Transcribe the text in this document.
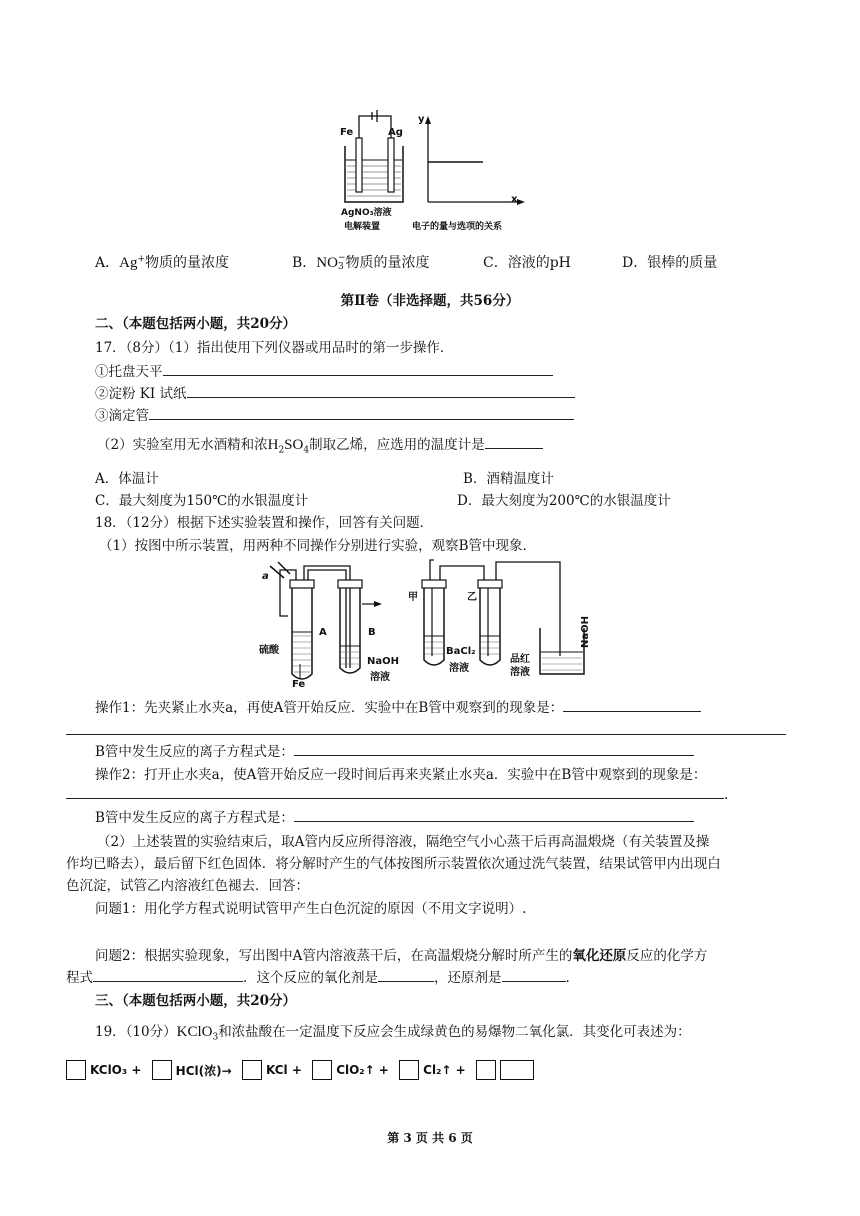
Fe	Ag
y
x
AgNO₃溶液
电解装置	电子的量与选项的关系
A．Ag+物质的量浓度	B．NO −
3 物质的量浓度	C．溶液的pH	D．银棒的质量
第Ⅱ卷（非选择题，共56分）
二、（本题包括两小题，共20分）
17．（8分）（1）指出使用下列仪器或用品时的第一步操作．
①托盘天平
②淀粉 KI 试纸
③滴定管
（2）实验室用无水酒精和浓$H_2SO_4$制取乙烯，应选用的温度计是
A．体温计	B．酒精温度计
C．最大刻度为150℃的水银温度计	D．最大刻度为200℃的水银温度计
18．（12分）根据下述实验装置和操作，回答有关问题．
（1）按图中所示装置，用两种不同操作分别进行实验，观察B管中现象．
a
硫酸
A	B
Fe
NaOH
溶液
甲	乙
BaCl₂
溶液
品红
溶液
NaOH
操作1：先夹紧止水夹a，再使A管开始反应．实验中在B管中观察到的现象是：
B管中发生反应的离子方程式是：
操作2：打开止水夹a，使A管开始反应一段时间后再来夹紧止水夹a．实验中在B管中观察到的现象是：
.
B管中发生反应的离子方程式是：
（2）上述装置的实验结束后，取A管内反应所得溶液，隔绝空气小心蒸干后再高温煅烧（有关装置及操
作均已略去），最后留下红色固体．将分解时产生的气体按图所示装置依次通过洗气装置，结果试管甲内出现白
色沉淀，试管乙内溶液红色褪去．回答：
问题1：用化学方程式说明试管甲产生白色沉淀的原因（不用文字说明）.
问题2：根据实验现象，写出图中A管内溶液蒸干后，在高温煅烧分解时所产生的氧化还原反应的化学方
程式	．这个反应的氧化剂是	，还原剂是	.
三、（本题包括两小题，共20分）
19．（10分）KClO$_3$和浓盐酸在一定温度下反应会生成绿黄色的易爆物二氧化氯．其变化可表述为：
KClO₃ +	HCl(浓)→	KCl +	ClO₂↑ +	Cl₂↑ +
第 3 页 共 6 页
